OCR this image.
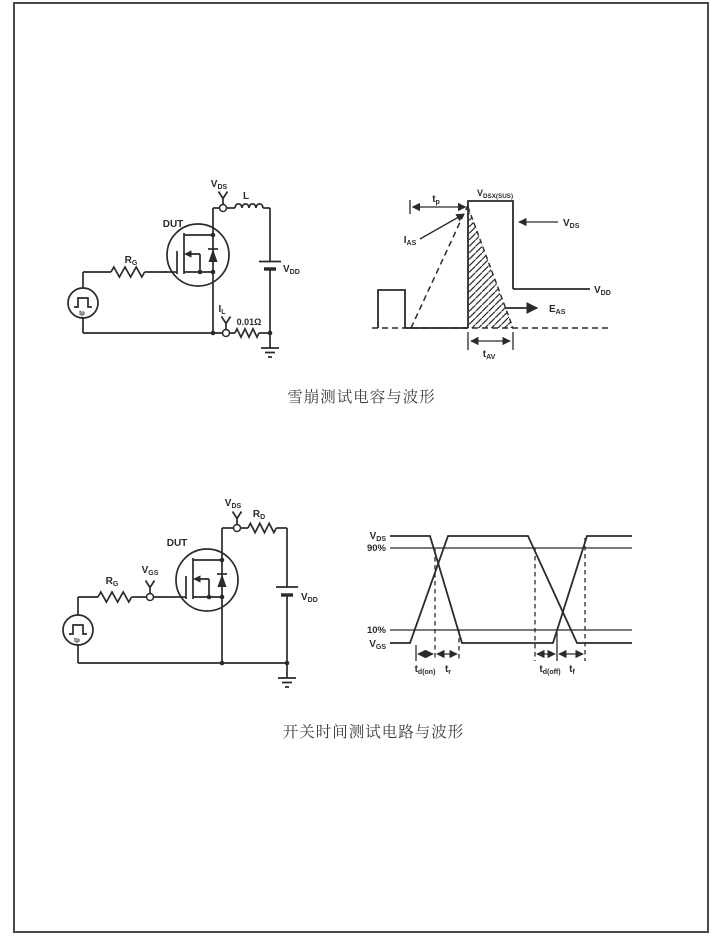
tp
RG
DUT
VDS
L
VDD
IL
0.01Ω
VDD
tp
VDSX(SUS)
IAS
VDS
EAS
tAV
雪崩测试电容与波形
tp
RG
VGS
DUT
VDS
RD
VDD
VDS
90%
10%
VGS
td(on) tr	td(off) tf
开关时间测试电路与波形
